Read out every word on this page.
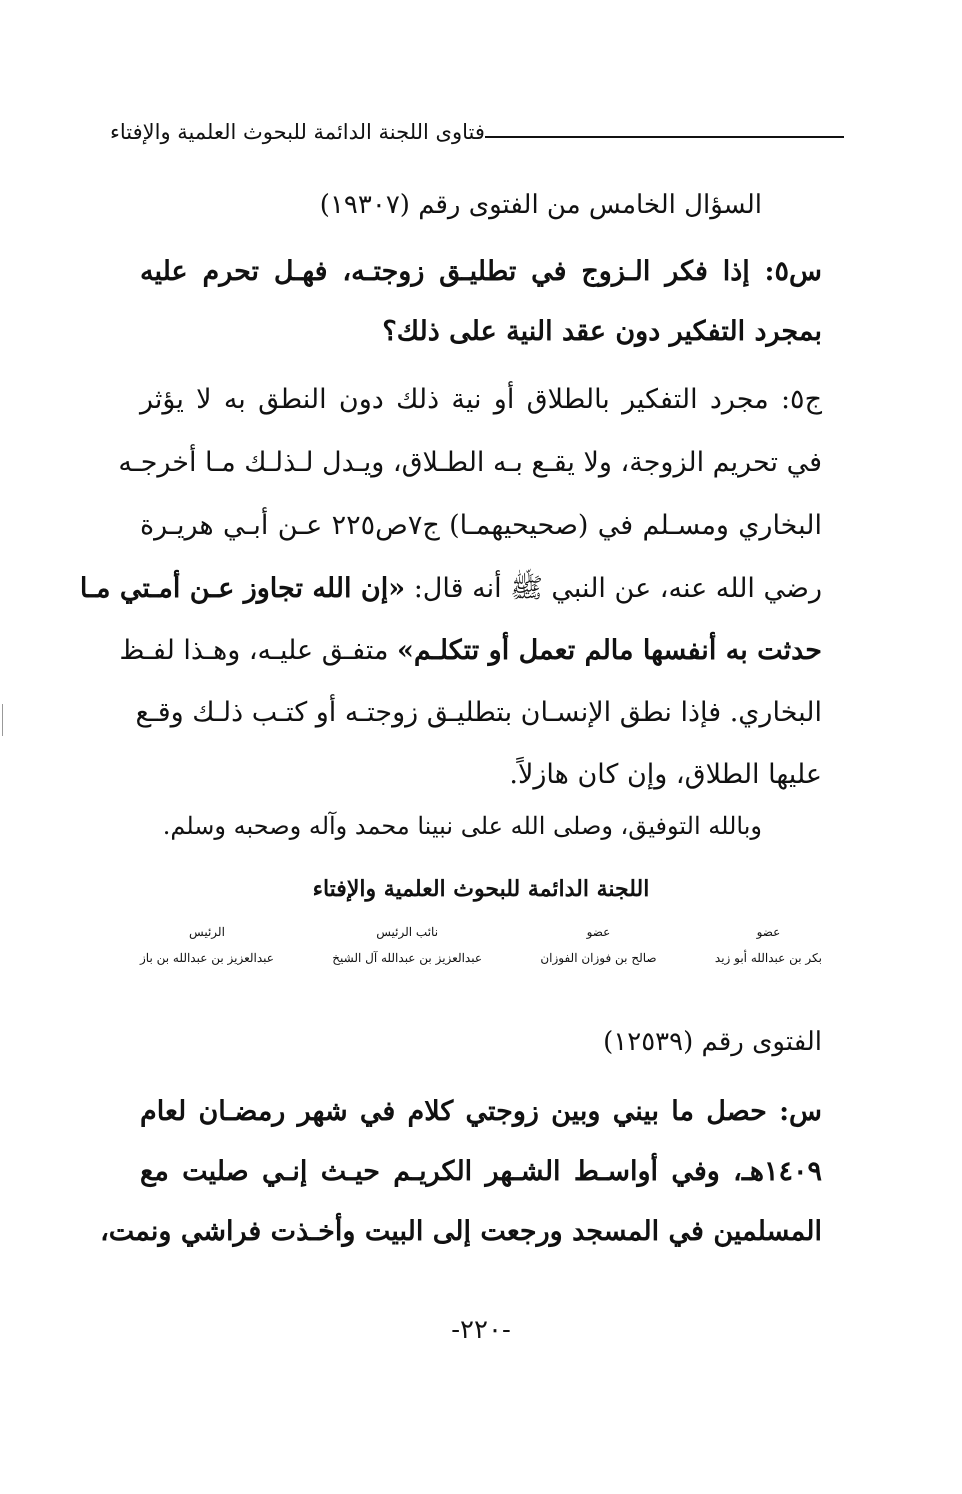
فتاوى اللجنة الدائمة للبحوث العلمية والإفتاء
السؤال الخامس من الفتوى رقم (١٩٣٠٧)
س٥: إذا فكر الـزوج في تطليـق زوجتـه، فهـل تحرم عليه
بمجرد التفكير دون عقد النية على ذلك؟
ج٥: مجرد التفكير بالطلاق أو نية ذلك دون النطق به لا يؤثر
في تحريم الزوجة، ولا يقـع بـه الطـلاق، ويـدل لـذلـك مـا أخرجـه
البخاري ومسـلم في (صحيحيهمـا) ج٧ص٢٢٥ عـن أبـي هريـرة
رضي الله عنه، عن النبي ﷺ أنه قال: «إن الله تجاوز عـن أمـتي مـا
حدثت به أنفسها مالم تعمل أو تتكلـم» متفـق عليـه، وهـذا لفـظ
البخاري. فإذا نطق الإنسـان بتطليـق زوجتـه أو كتـب ذلـك وقـع
عليها الطلاق، وإن كان هازلاً.
وبالله التوفيق، وصلى الله على نبينا محمد وآله وصحبه وسلم.
اللجنة الدائمة للبحوث العلمية والإفتاء
عضو
بكر بن عبدالله أبو زيد
عضو
صالح بن فوزان الفوزان
نائب الرئيس
عبدالعزيز بن عبدالله آل الشيخ
الرئيس
عبدالعزيز بن عبدالله بن باز
الفتوى رقم (١٢٥٣٩)
س: حصل ما بيني وبين زوجتي كلام في شهر رمضـان لعام
١٤٠٩هـ، وفي أواسـط الشـهر الكريـم حيـث إنـي صليت مع
المسلمين في المسجد ورجعت إلى البيت وأخـذت فراشي ونمت،
-٢٢٠-
